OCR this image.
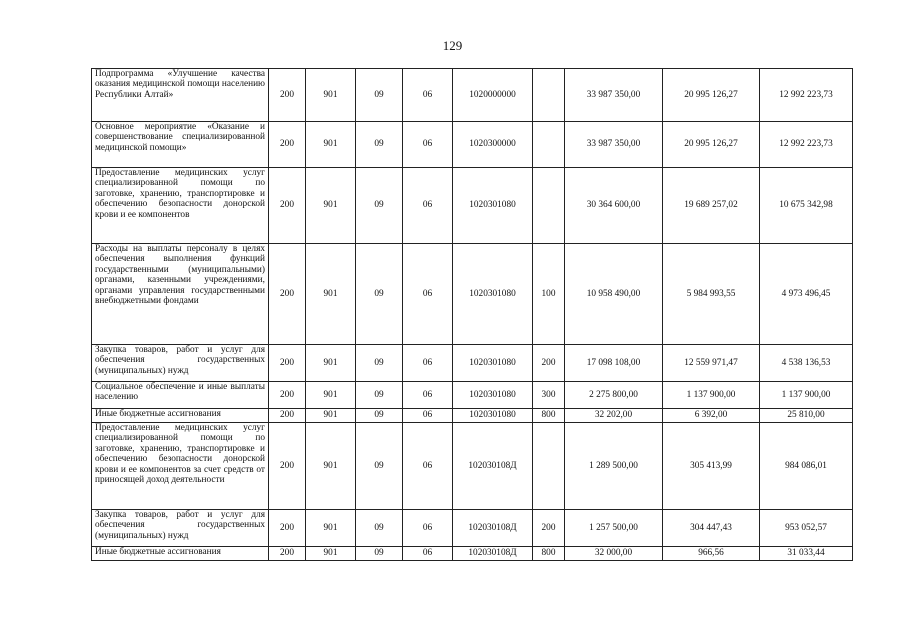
129
Подпрограмма «Улучшение качества оказания медицинской помощи населению Республики Алтай»	200	901	09	06	1020000000		33 987 350,00	20 995 126,27	12 992 223,73
Основное мероприятие «Оказание и совершенствование специализированной медицинской помощи»	200	901	09	06	1020300000		33 987 350,00	20 995 126,27	12 992 223,73
Предоставление медицинских услуг специализированной помощи по заготовке, хранению, транспортировке и обеспечению безопасности донорской крови и ее компонентов	200	901	09	06	1020301080		30 364 600,00	19 689 257,02	10 675 342,98
Расходы на выплаты персоналу в целях обеспечения выполнения функций государственными (муниципальными) органами, казенными учреждениями, органами управления государственными внебюджетными фондами	200	901	09	06	1020301080	100	10 958 490,00	5 984 993,55	4 973 496,45
Закупка товаров, работ и услуг для обеспечения государственных (муниципальных) нужд	200	901	09	06	1020301080	200	17 098 108,00	12 559 971,47	4 538 136,53
Социальное обеспечение и иные выплаты населению	200	901	09	06	1020301080	300	2 275 800,00	1 137 900,00	1 137 900,00
Иные бюджетные ассигнования	200	901	09	06	1020301080	800	32 202,00	6 392,00	25 810,00
Предоставление медицинских услуг специализированной помощи по заготовке, хранению, транспортировке и обеспечению безопасности донорской крови и ее компонентов за счет средств от приносящей доход деятельности	200	901	09	06	102030108Д		1 289 500,00	305 413,99	984 086,01
Закупка товаров, работ и услуг для обеспечения государственных (муниципальных) нужд	200	901	09	06	102030108Д	200	1 257 500,00	304 447,43	953 052,57
Иные бюджетные ассигнования	200	901	09	06	102030108Д	800	32 000,00	966,56	31 033,44
